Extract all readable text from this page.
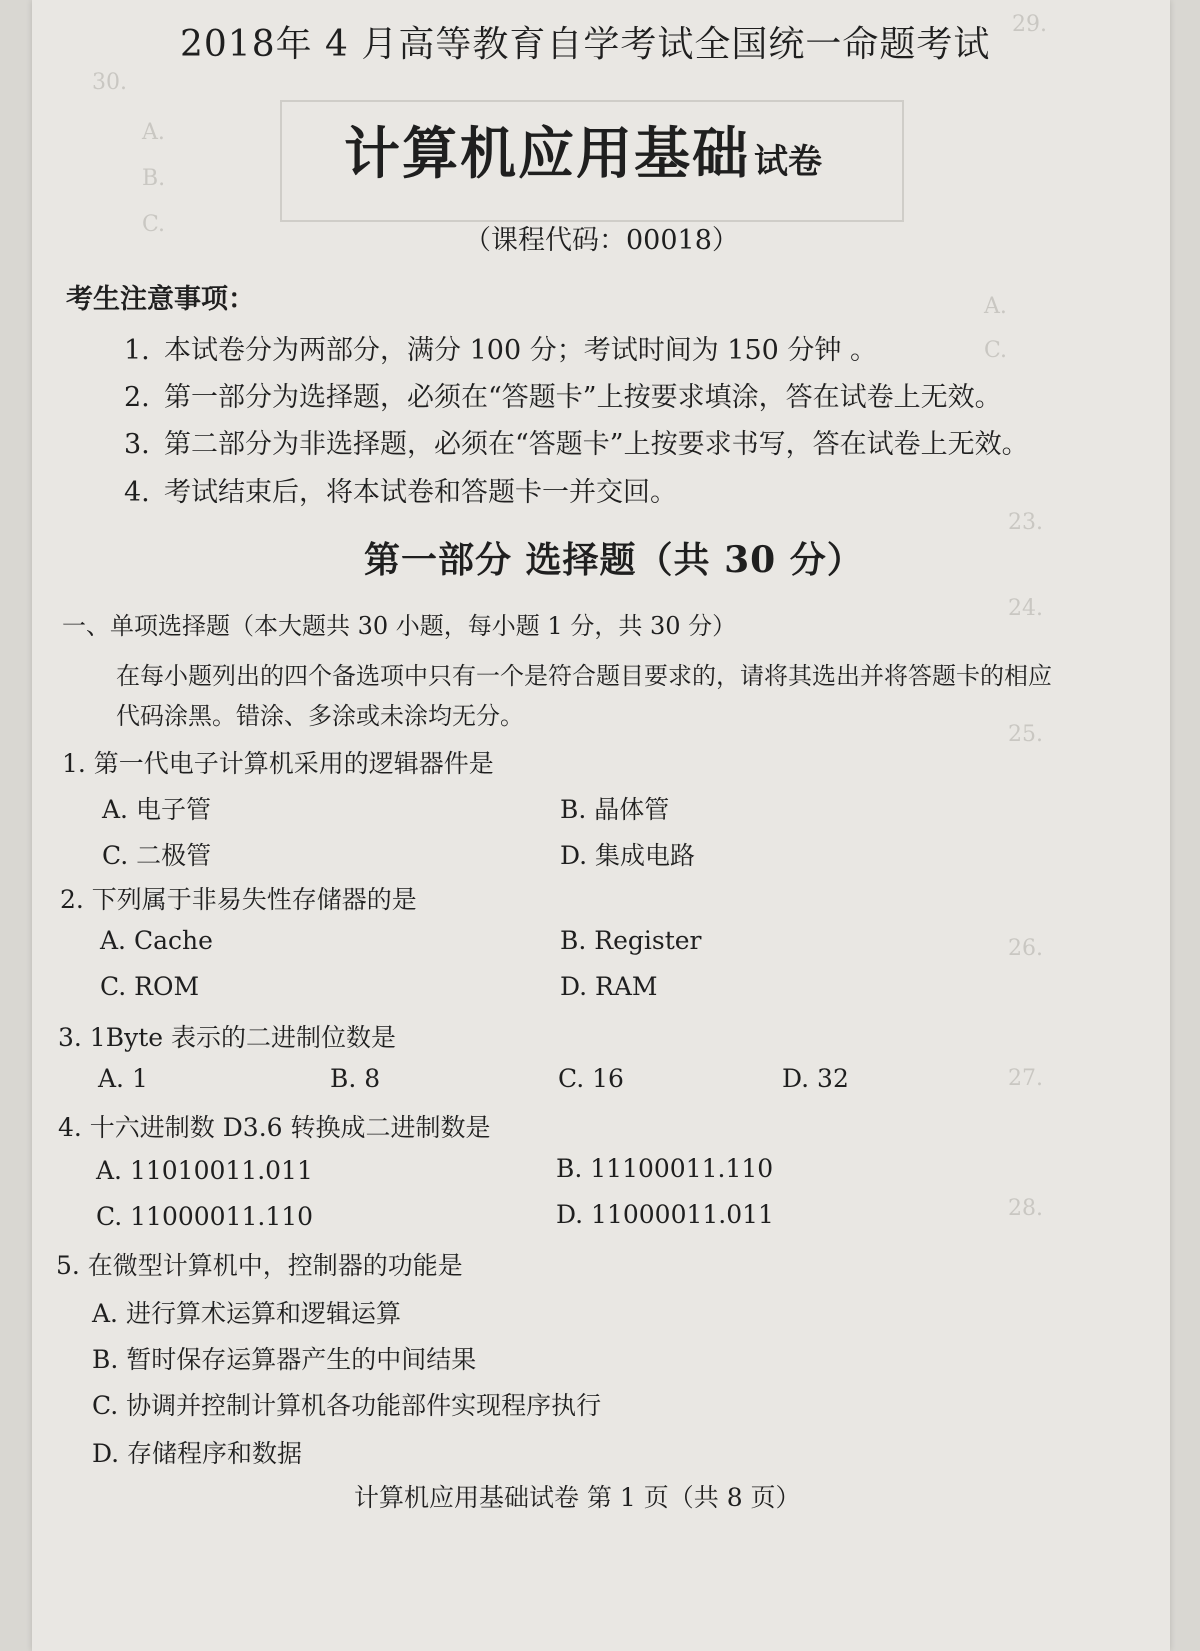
29.
30.
A.
B.
C.
A.
C.
23.
24.
25.
26.
27.
28.
2018年 4 月高等教育自学考试全国统一命题考试
计算机应用基础 试卷
（课程代码：00018）
考生注意事项：
1. 本试卷分为两部分，满分 100 分；考试时间为 150 分钟 。
2. 第一部分为选择题，必须在“答题卡”上按要求填涂，答在试卷上无效。
3. 第二部分为非选择题，必须在“答题卡”上按要求书写，答在试卷上无效。
4. 考试结束后，将本试卷和答题卡一并交回。
第一部分 选择题（共 30 分）
一、单项选择题（本大题共 30 小题，每小题 1 分，共 30 分）
在每小题列出的四个备选项中只有一个是符合题目要求的，请将其选出并将答题卡的相应
代码涂黑。错涂、多涂或未涂均无分。
1. 第一代电子计算机采用的逻辑器件是
A. 电子管	B. 晶体管
C. 二极管	D. 集成电路
2. 下列属于非易失性存储器的是
A. Cache	B. Register
C. ROM	D. RAM
3. 1Byte 表示的二进制位数是
A. 1	B. 8	C. 16	D. 32
4. 十六进制数 D3.6 转换成二进制数是
A. 11010011.011	B. 11100011.110
C. 11000011.110	D. 11000011.011
5. 在微型计算机中，控制器的功能是
A. 进行算术运算和逻辑运算
B. 暂时保存运算器产生的中间结果
C. 协调并控制计算机各功能部件实现程序执行
D. 存储程序和数据
计算机应用基础试卷 第 1 页（共 8 页）
